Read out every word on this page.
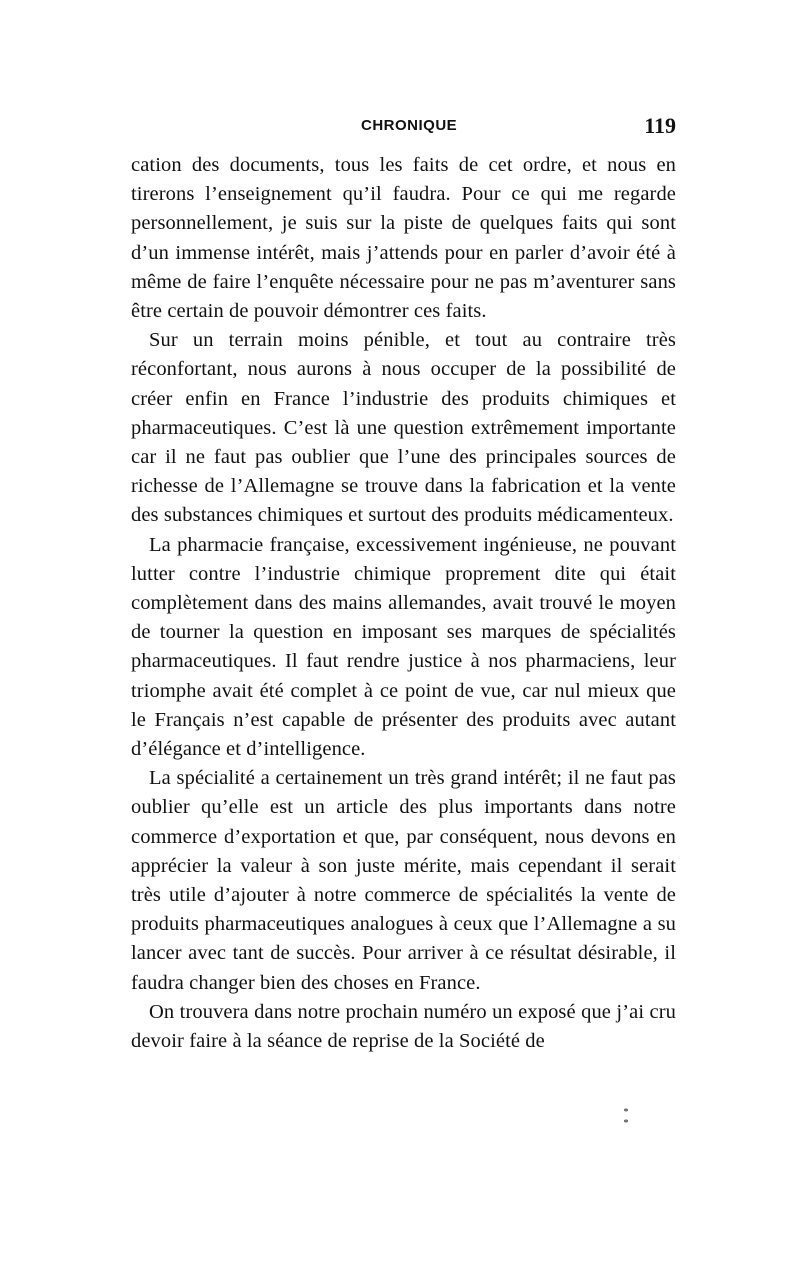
CHRONIQUE	119

cation des documents, tous les faits de cet ordre, et nous en tirerons l’enseignement qu’il faudra. Pour ce qui me regarde personnellement, je suis sur la piste de quelques faits qui sont d’un immense intérêt, mais j’attends pour en parler d’avoir été à même de faire l’enquête nécessaire pour ne pas m’aventurer sans être certain de pouvoir démontrer ces faits.

Sur un terrain moins pénible, et tout au contraire très réconfortant, nous aurons à nous occuper de la possibilité de créer enfin en France l’industrie des produits chimiques et pharmaceutiques. C’est là une question extrêmement importante car il ne faut pas oublier que l’une des principales sources de richesse de l’Allemagne se trouve dans la fabrication et la vente des substances chimiques et surtout des produits médicamenteux.

La pharmacie française, excessivement ingénieuse, ne pouvant lutter contre l’industrie chimique proprement dite qui était complètement dans des mains allemandes, avait trouvé le moyen de tourner la question en imposant ses marques de spécialités pharmaceutiques. Il faut rendre justice à nos pharmaciens, leur triomphe avait été complet à ce point de vue, car nul mieux que le Français n’est capable de présenter des produits avec autant d’élégance et d’intelligence.

La spécialité a certainement un très grand intérêt; il ne faut pas oublier qu’elle est un article des plus importants dans notre commerce d’exportation et que, par conséquent, nous devons en apprécier la valeur à son juste mérite, mais cependant il serait très utile d’ajouter à notre commerce de spécialités la vente de produits pharmaceutiques analogues à ceux que l’Allemagne a su lancer avec tant de succès. Pour arriver à ce résultat désirable, il faudra changer bien des choses en France.

On trouvera dans notre prochain numéro un exposé que j’ai cru devoir faire à la séance de reprise de la Société de

*
*
